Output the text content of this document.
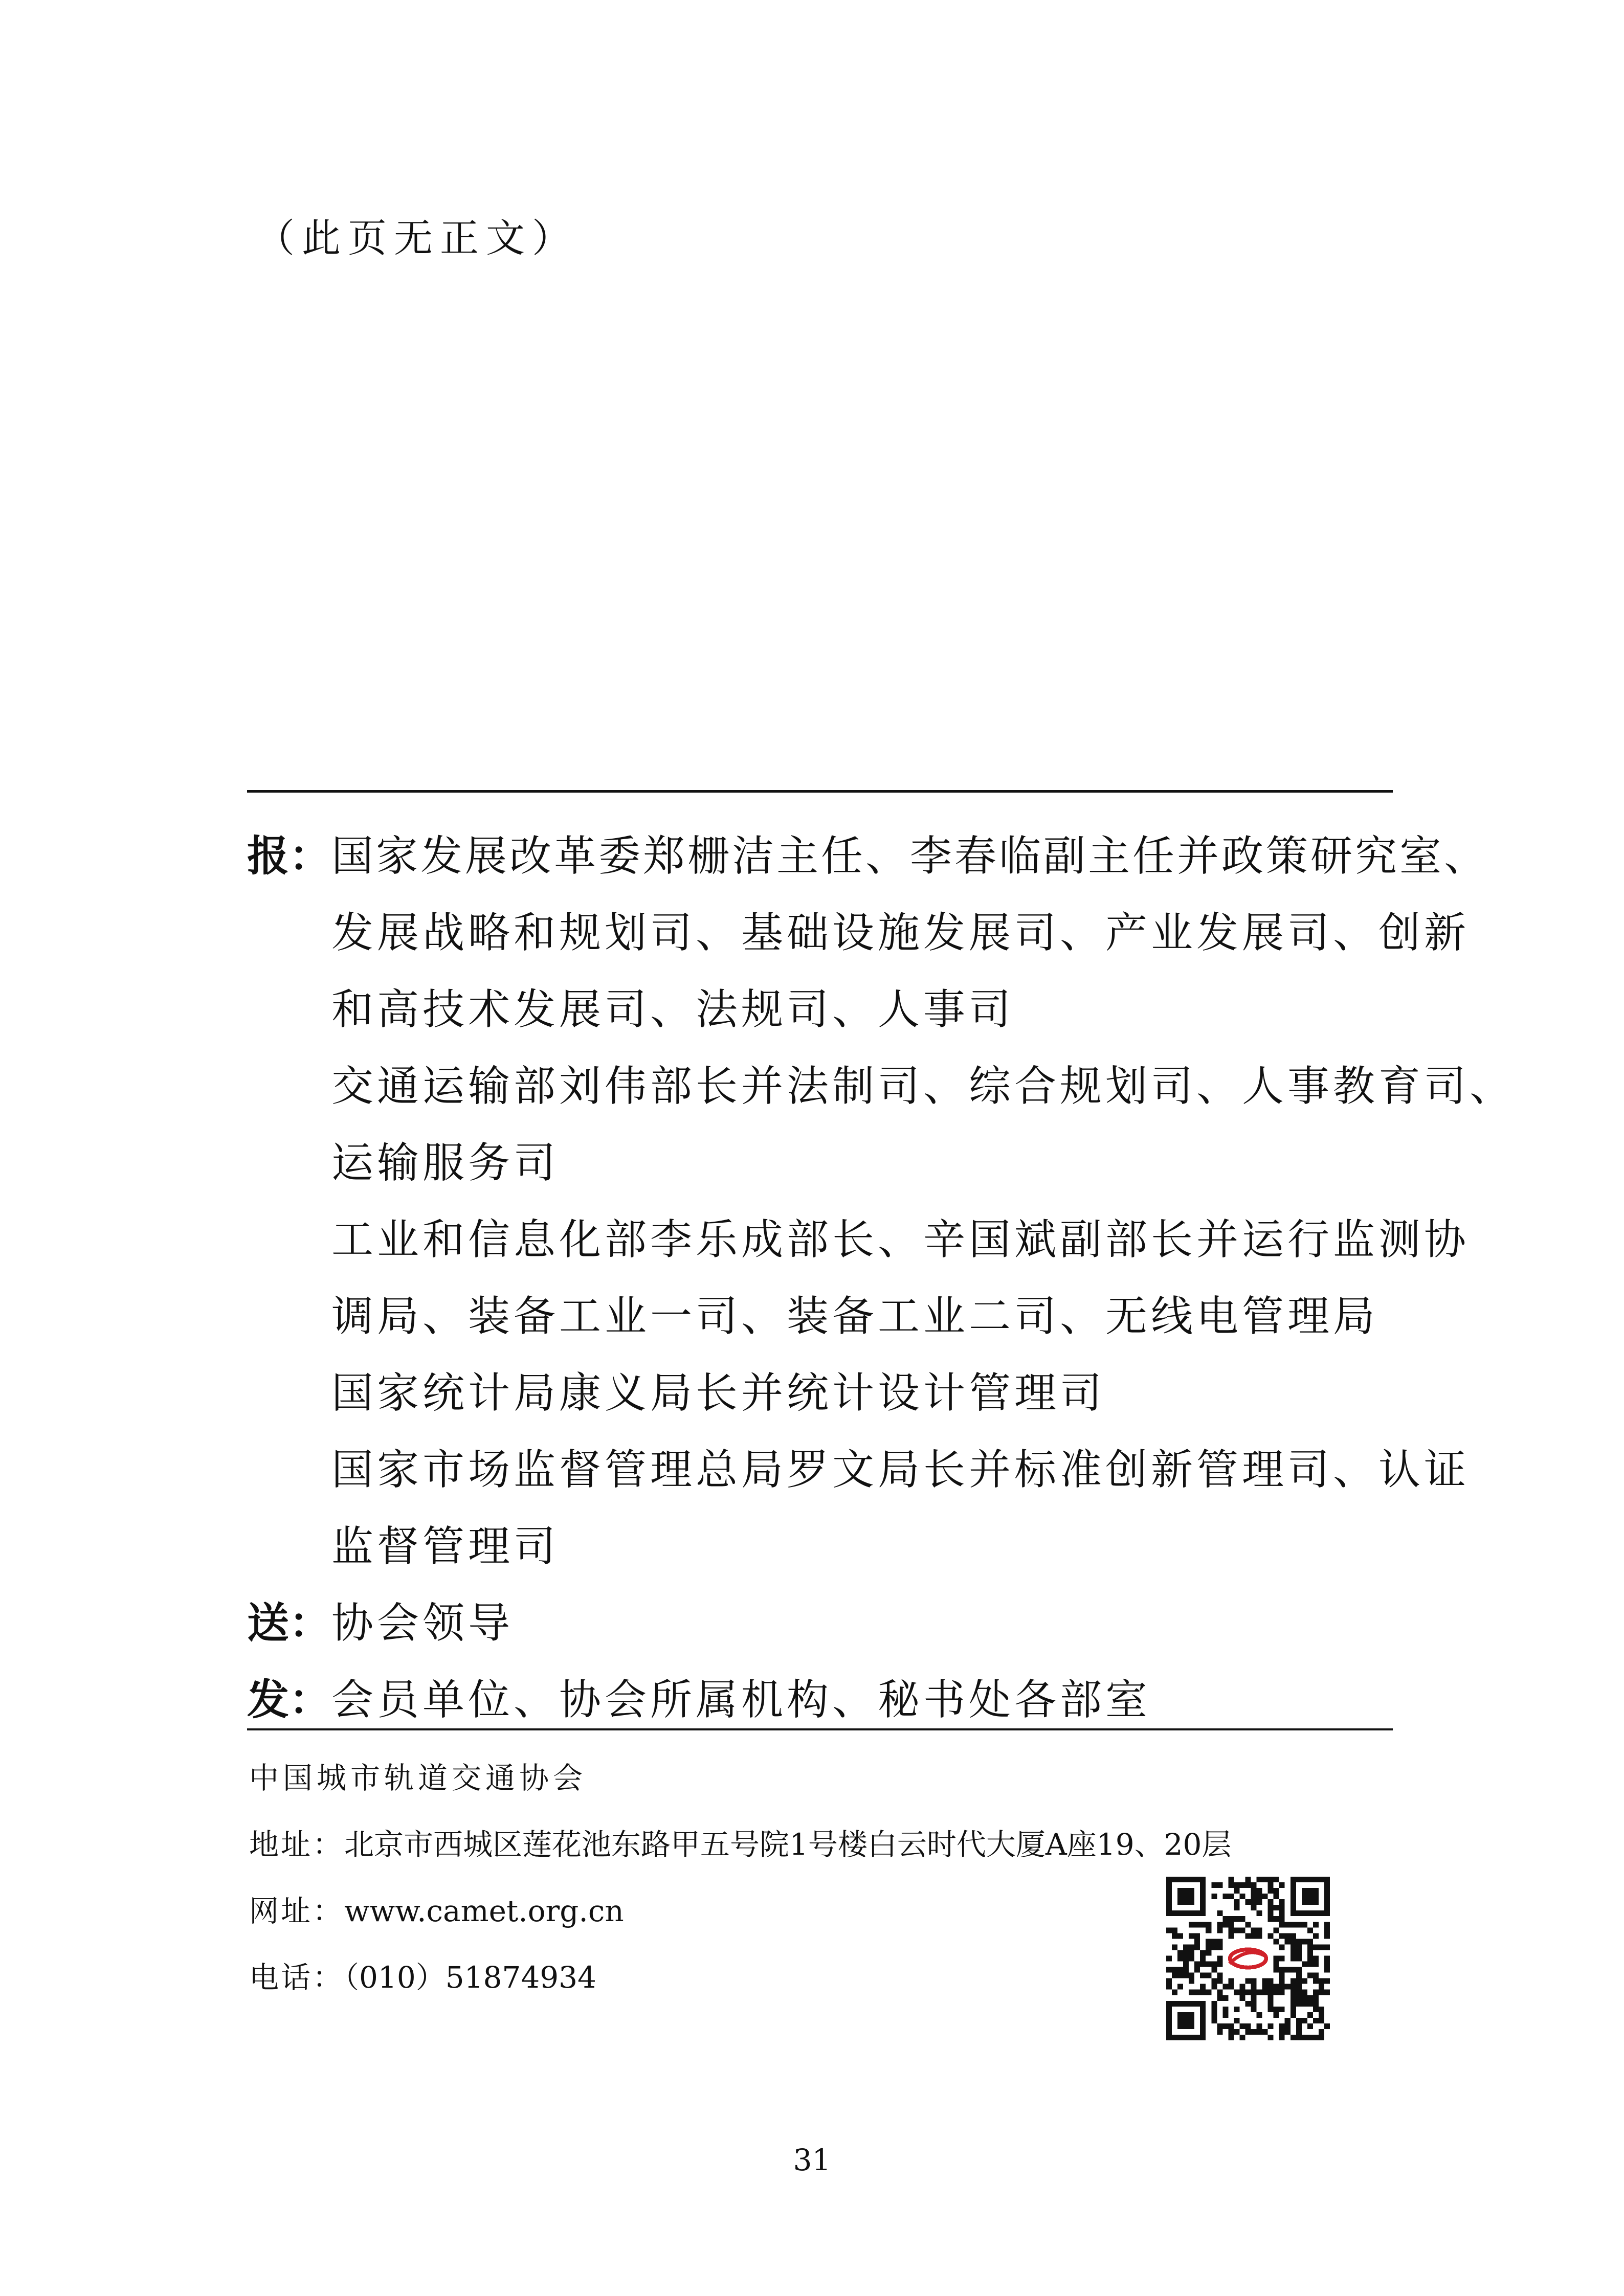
（此页无正文）
报： 国家发展改革委郑栅洁主任、李春临副主任并政策研究室、
发展战略和规划司、基础设施发展司、产业发展司、创新
和高技术发展司、法规司、人事司
交通运输部刘伟部长并法制司、综合规划司、人事教育司、
运输服务司
工业和信息化部李乐成部长、辛国斌副部长并运行监测协
调局、装备工业一司、装备工业二司、无线电管理局
国家统计局康义局长并统计设计管理司
国家市场监督管理总局罗文局长并标准创新管理司、认证
监督管理司
送： 协会领导
发： 会员单位、协会所属机构、秘书处各部室
中国城市轨道交通协会
地址：北京市西城区莲花池东路甲五号院1号楼白云时代大厦A座19、20层
网址：www.camet.org.cn
电话：（010）51874934
31
